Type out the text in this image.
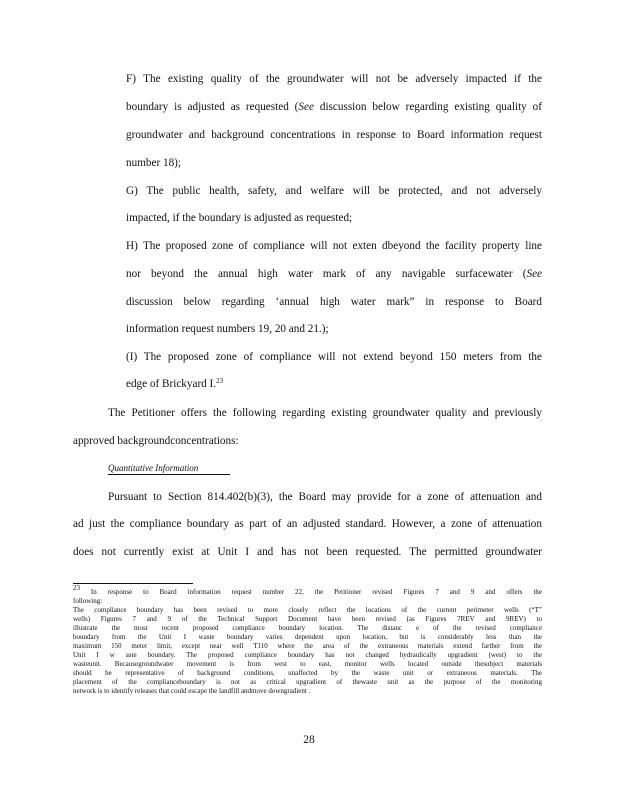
F) The existing quality of the groundwater will not be adversely impacted if the
boundary is adjusted as requested (See discussion below regarding existing quality of
groundwater and background concentrations in response to Board information request
number 18);
G) The public health, safety, and welfare will be protected, and not adversely
impacted, if the boundary is adjusted as requested;
H) The proposed zone of compliance will not exten dbeyond the facility property line
nor beyond the annual high water mark of any navigable surfacewater (See
discussion below regarding ‘annual high water mark” in response to Board
information request numbers 19, 20 and 21.);
(I) The proposed zone of compliance will not extend beyond 150 meters from the
edge of Brickyard I.$^{23}$
The Petitioner offers the following regarding existing groundwater quality and previously
approved backgroundconcentrations:
Quantitative Information
Pursuant to Section 814.402(b)(3), the Board may provide for a zone of attenuation and
ad just the compliance boundary as part of an adjusted standard. However, a zone of attenuation
does not currently exist at Unit I and has not been requested. The permitted groundwater
$^{23}$ In response to Board information request number 22, the Petitioner revised Figures 7 and 9 and offers the
following:
The compliance boundary has been revised to more closely reflect the locations of the current perimeter wells (“T”
wells) Figures 7 and 9 of the Technical Support Document have been revised (as Figures 7REV and 9REV) to
illustrate the most recent proposed compliance boundary location. The distanc e of the revised compliance
boundary from the Unit I waste boundary varies dependent upon location, but is considerably less than the
maximum 150 meter limit, except near well T110 where the area of the extraneous materials extend farther from the
Unit I w aste boundary. The proposed compliance boundary has not changed hydraulically upgradient (west) to the
wasteunit. Becausegroundwater movement is from west to east, monitor wells located outside thesubject materials
should be representative of background conditions, unaffected by the waste unit or extraneous materials. The
placement of the complianceboundary is not as critical upgradient of thewaste unit as the purpose of the monitoring
network is to identify releases that could escape the landfill andmove downgradient .
28
